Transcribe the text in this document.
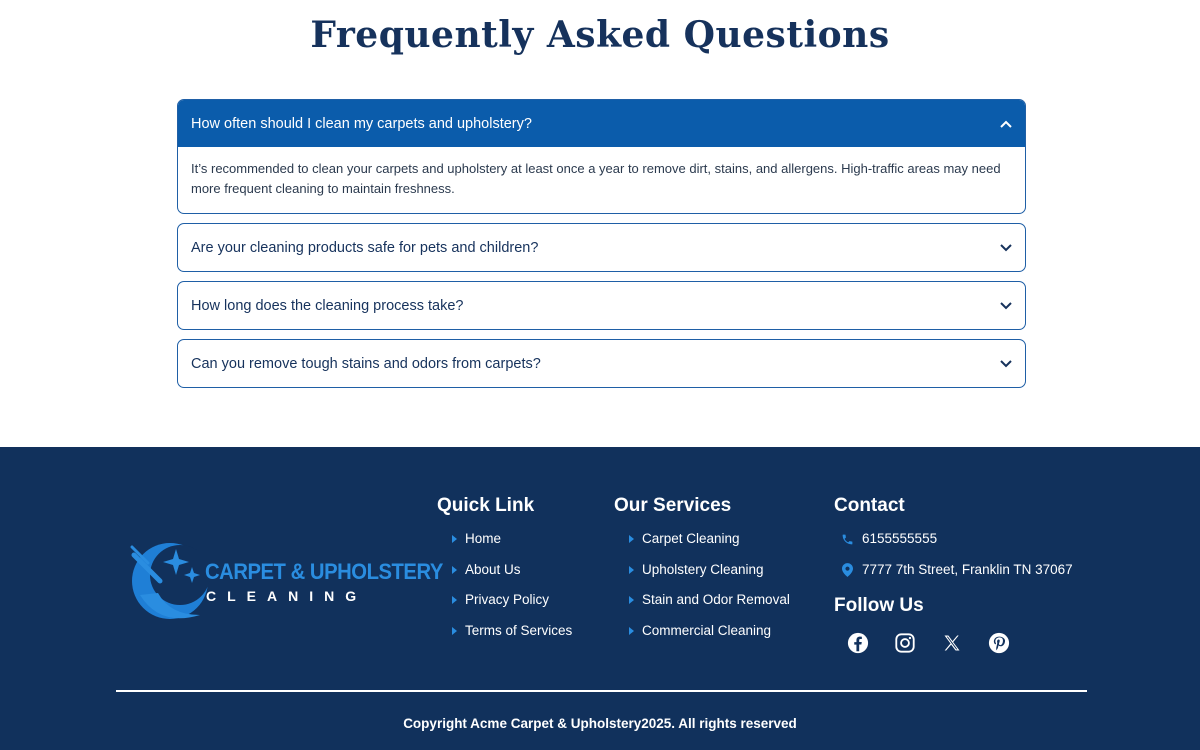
Frequently Asked Questions
How often should I clean my carpets and upholstery?
It’s recommended to clean your carpets and upholstery at least once a year to remove dirt, stains, and allergens. High-traffic areas may need more frequent cleaning to maintain freshness.
Are your cleaning products safe for pets and children?
How long does the cleaning process take?
Can you remove tough stains and odors from carpets?
CARPET & UPHOLSTERY
CLEANING
Quick Link
Home
About Us
Privacy Policy
Terms of Services
Our Services
Carpet Cleaning
Upholstery Cleaning
Stain and Odor Removal
Commercial Cleaning
Contact
6155555555
7777 7th Street, Franklin TN 37067
Follow Us
Copyright Acme Carpet & Upholstery2025. All rights reserved
